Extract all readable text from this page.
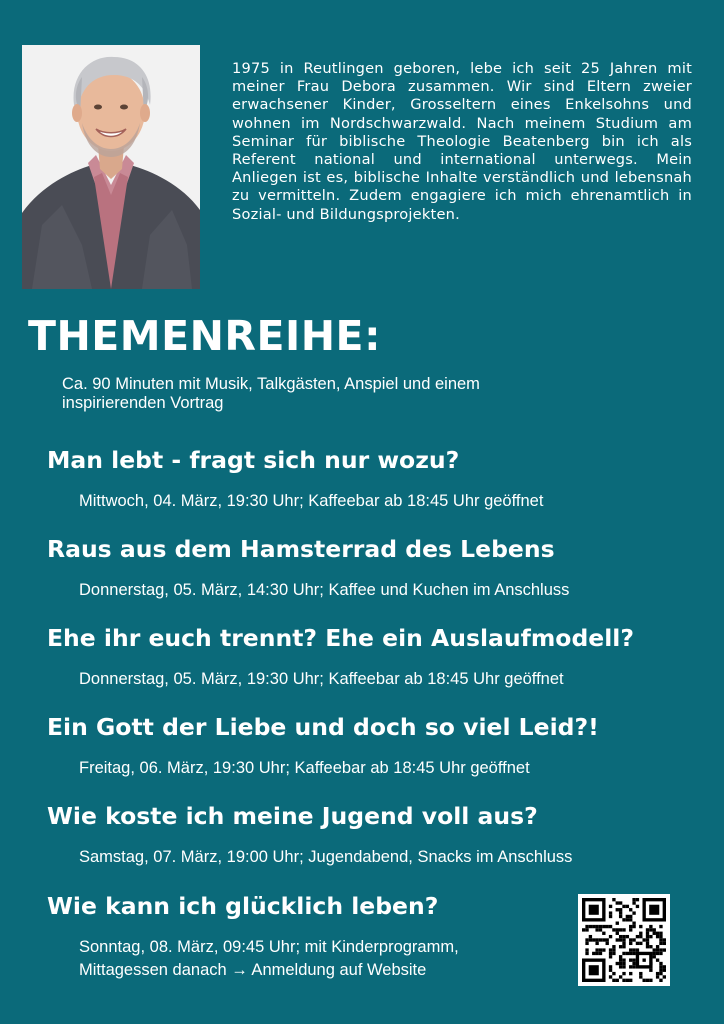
1975 in Reutlingen geboren, lebe ich seit 25 Jahren mit meiner Frau Debora zusammen. Wir sind Eltern zweier erwachsener Kinder, Grosseltern eines Enkelsohns und wohnen im Nordschwarzwald. Nach meinem Studium am Seminar für biblische Theologie Beatenberg bin ich als Referent national und international unterwegs. Mein Anliegen ist es, biblische Inhalte verständlich und lebensnah zu vermitteln. Zudem engagiere ich mich ehrenamtlich in Sozial- und Bildungsprojekten.
THEMENREIHE:
Ca. 90 Minuten mit Musik, Talkgästen, Anspiel und einem inspirierenden Vortrag
Man lebt - fragt sich nur wozu?
Mittwoch, 04. März, 19:30 Uhr; Kaffeebar ab 18:45 Uhr geöffnet
Raus aus dem Hamsterrad des Lebens
Donnerstag, 05. März, 14:30 Uhr; Kaffee und Kuchen im Anschluss
Ehe ihr euch trennt? Ehe ein Auslaufmodell?
Donnerstag, 05. März, 19:30 Uhr; Kaffeebar ab 18:45 Uhr geöffnet
Ein Gott der Liebe und doch so viel Leid?!
Freitag, 06. März, 19:30 Uhr; Kaffeebar ab 18:45 Uhr geöffnet
Wie koste ich meine Jugend voll aus?
Samstag, 07. März, 19:00 Uhr; Jugendabend, Snacks im Anschluss
Wie kann ich glücklich leben?
Sonntag, 08. März, 09:45 Uhr; mit Kinderprogramm,
Mittagessen danach → Anmeldung auf Website
